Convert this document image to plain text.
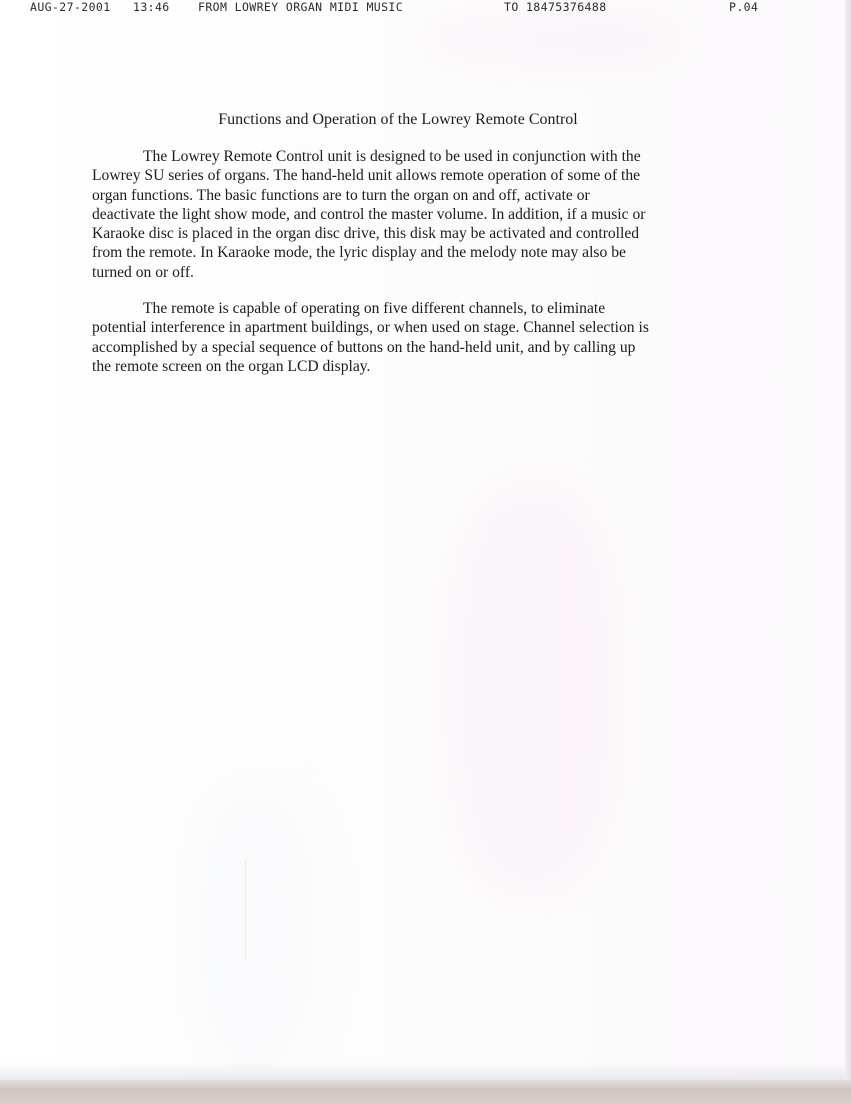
AUG-27-2001 13:46 FROM LOWREY ORGAN MIDI MUSIC	TO 18475376488	P.04
Functions and Operation of the Lowrey Remote Control

The Lowrey Remote Control unit is designed to be used in conjunction with the
Lowrey SU series of organs. The hand-held unit allows remote operation of some of the
organ functions. The basic functions are to turn the organ on and off, activate or
deactivate the light show mode, and control the master volume. In addition, if a music or
Karaoke disc is placed in the organ disc drive, this disk may be activated and controlled
from the remote. In Karaoke mode, the lyric display and the melody note may also be
turned on or off.

The remote is capable of operating on five different channels, to eliminate
potential interference in apartment buildings, or when used on stage. Channel selection is
accomplished by a special sequence of buttons on the hand-held unit, and by calling up
the remote screen on the organ LCD display.
